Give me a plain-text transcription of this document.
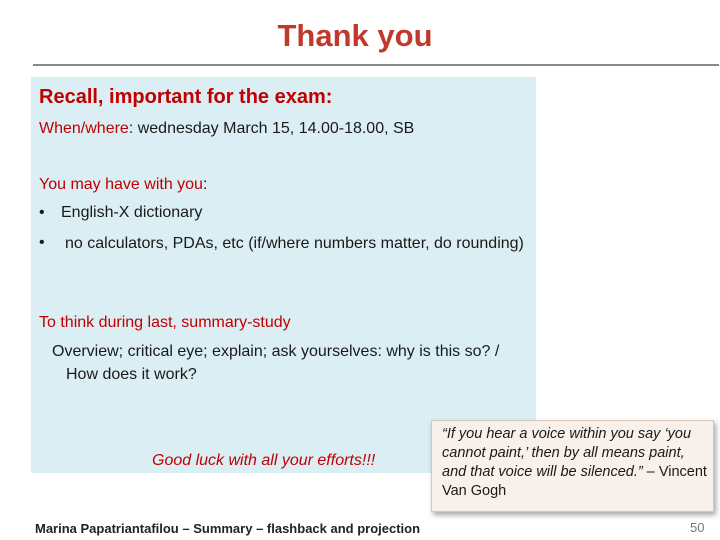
Thank you
Recall, important for the exam:
When/where: wednesday March 15, 14.00-18.00, SB
You may have with you:
• English-X dictionary
•	no calculators, PDAs, etc (if/where numbers matter, do rounding)
To think during last, summary-study
Overview; critical eye; explain; ask yourselves: why is this so? / How does it work?
Good luck with all your efforts!!!
“If you hear a voice within you say ‘you cannot paint,’ then by all means paint, and that voice will be silenced.” – Vincent Van Gogh
Marina Papatriantafilou – Summary – flashback and projection	50
